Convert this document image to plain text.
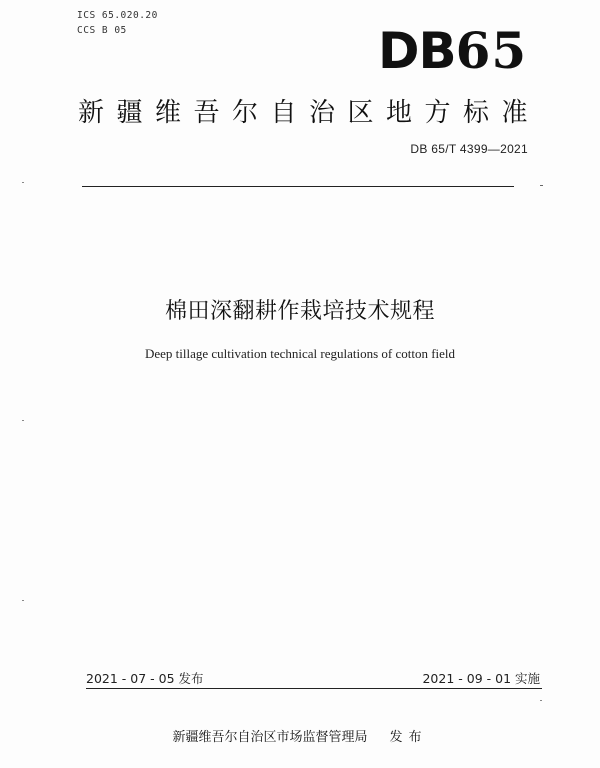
ICS 65.020.20
CCS B 05	DB65
新疆维吾尔自治区地方标准
DB 65/T 4399—2021
棉田深翻耕作栽培技术规程
Deep tillage cultivation technical regulations of cotton field
2021 - 07 - 05 发布	2021 - 09 - 01 实施
新疆维吾尔自治区市场监督管理局 发布
